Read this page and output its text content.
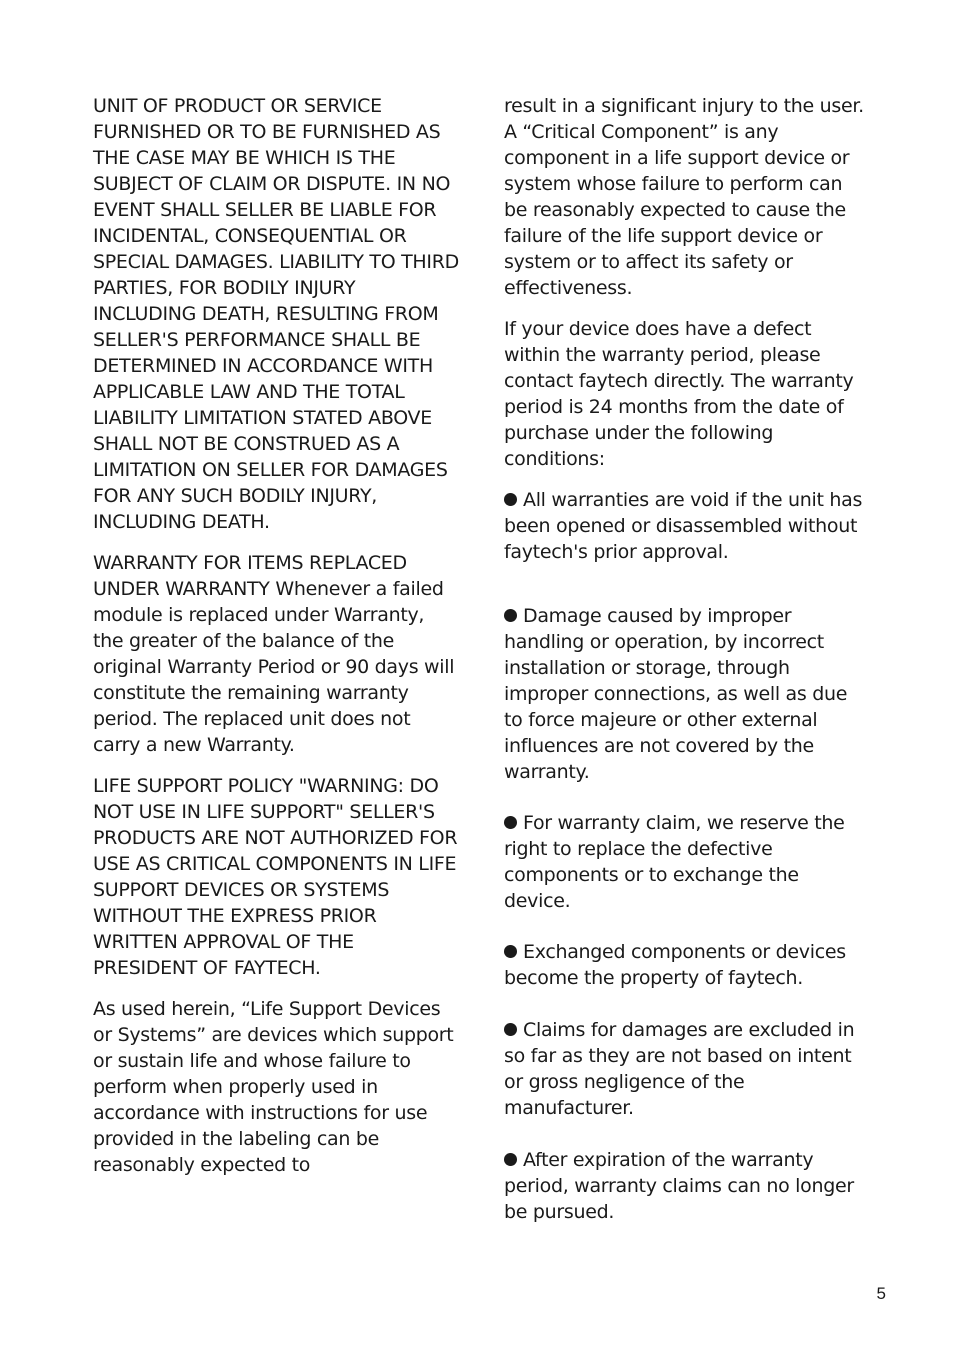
UNIT OF PRODUCT OR SERVICE FURNISHED OR TO BE FURNISHED AS THE CASE MAY BE WHICH IS THE SUBJECT OF CLAIM OR DISPUTE. IN NO EVENT SHALL SELLER BE LIABLE FOR INCIDENTAL, CONSEQUENTIAL OR SPECIAL DAMAGES. LIABILITY TO THIRD PARTIES, FOR BODILY INJURY INCLUDING DEATH, RESULTING FROM SELLER'S PERFORMANCE SHALL BE DETERMINED IN ACCORDANCE WITH APPLICABLE LAW AND THE TOTAL LIABILITY LIMITATION STATED ABOVE SHALL NOT BE CONSTRUED AS A LIMITATION ON SELLER FOR DAMAGES FOR ANY SUCH BODILY INJURY, INCLUDING DEATH.

WARRANTY FOR ITEMS REPLACED UNDER WARRANTY Whenever a failed module is replaced under Warranty, the greater of the balance of the original Warranty Period or 90 days will constitute the remaining warranty period. The replaced unit does not carry a new Warranty.

LIFE SUPPORT POLICY "WARNING: DO NOT USE IN LIFE SUPPORT" SELLER'S PRODUCTS ARE NOT AUTHORIZED FOR USE AS CRITICAL COMPONENTS IN LIFE SUPPORT DEVICES OR SYSTEMS WITHOUT THE EXPRESS PRIOR WRITTEN APPROVAL OF THE PRESIDENT OF FAYTECH.

As used herein, “Life Support Devices or Systems” are devices which support or sustain life and whose failure to perform when properly used in accordance with instructions for use provided in the labeling can be reasonably expected to

result in a significant injury to the user. A “Critical Component” is any component in a life support device or system whose failure to perform can be reasonably expected to cause the failure of the life support device or system or to affect its safety or effectiveness.

If your device does have a defect within the warranty period, please contact faytech directly. The warranty period is 24 months from the date of purchase under the following conditions:

All warranties are void if the unit has been opened or disassembled without faytech's prior approval.

Damage caused by improper handling or operation, by incorrect installation or storage, through improper connections, as well as due to force majeure or other external influences are not covered by the warranty.

For warranty claim, we reserve the right to replace the defective components or to exchange the device.

Exchanged components or devices become the property of faytech.

Claims for damages are excluded in so far as they are not based on intent or gross negligence of the manufacturer.

After expiration of the warranty period, warranty claims can no longer be pursued.

5
